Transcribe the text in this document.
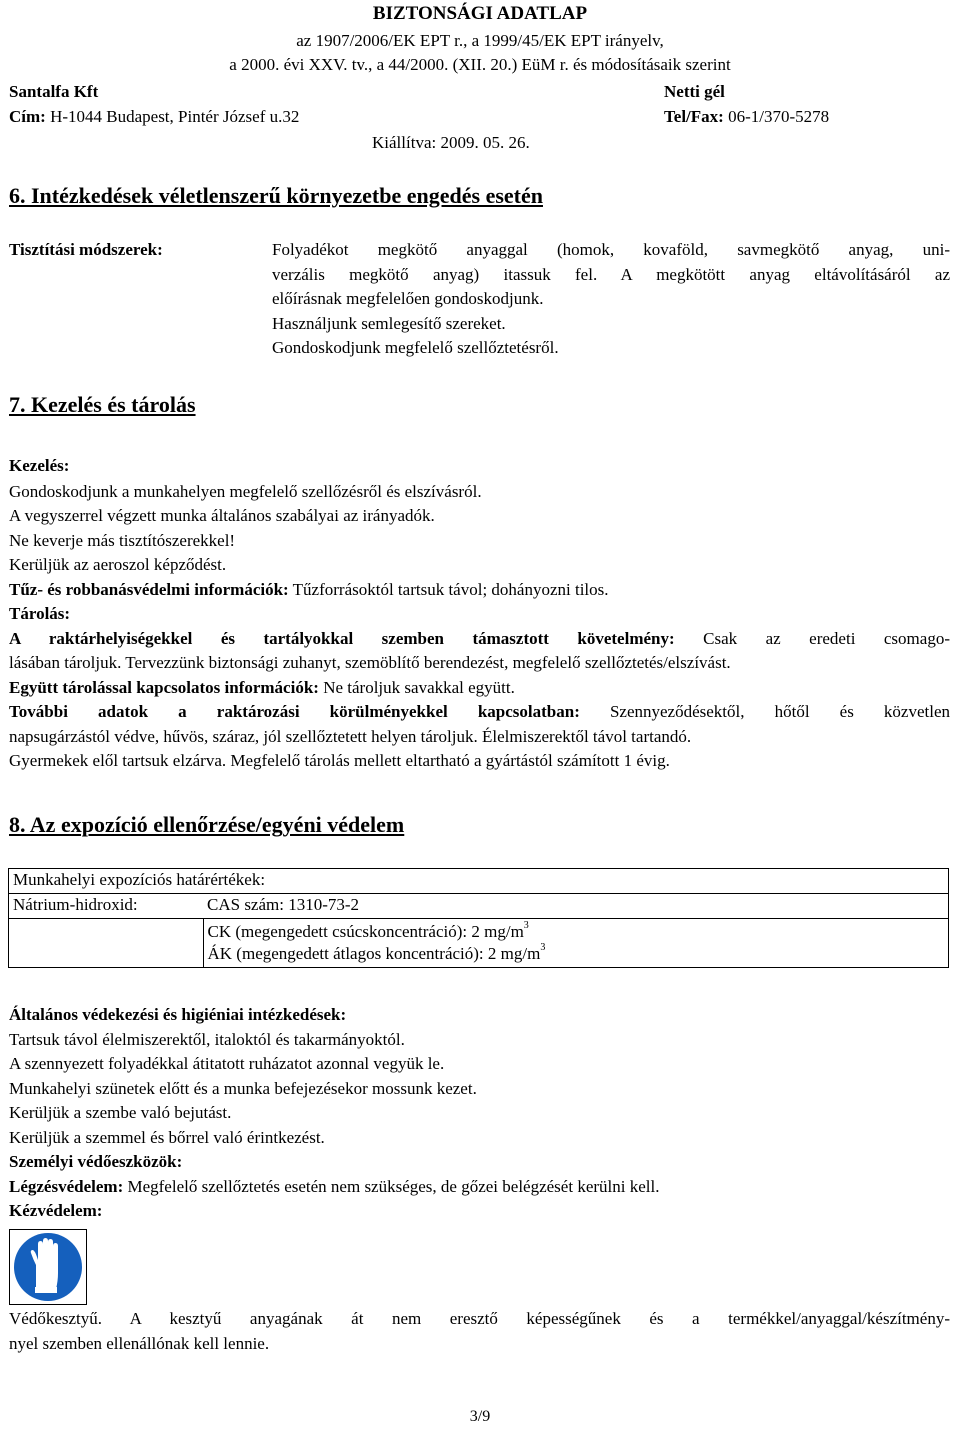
BIZTONSÁGI ADATLAP
az 1907/2006/EK EPT r., a 1999/45/EK EPT irányelv,
a 2000. évi XXV. tv., a 44/2000. (XII. 20.) EüM r. és módosításaik szerint
Santalfa Kft	Netti gél
Cím: H-1044 Budapest, Pintér József u.32	Tel/Fax: 06-1/370-5278
Kiállítva: 2009. 05. 26.
6. Intézkedések véletlenszerű környezetbe engedés esetén
Tisztítási módszerek:	Folyadékot megkötő anyaggal (homok, kovaföld, savmegkötő anyag, uni-
verzális megkötő anyag) itassuk fel. A megkötött anyag eltávolításáról az
előírásnak megfelelően gondoskodjunk.
Használjunk semlegesítő szereket.
Gondoskodjunk megfelelő szellőztetésről.
7. Kezelés és tárolás
Kezelés:
Gondoskodjunk a munkahelyen megfelelő szellőzésről és elszívásról.
A vegyszerrel végzett munka általános szabályai az irányadók.
Ne keverje más tisztítószerekkel!
Kerüljük az aeroszol képződést.
Tűz- és robbanásvédelmi információk: Tűzforrásoktól tartsuk távol; dohányozni tilos.
Tárolás:
A raktárhelyiségekkel és tartályokkal szemben támasztott követelmény: Csak az eredeti csomago-
lásában tároljuk. Tervezzünk biztonsági zuhanyt, szemöblítő berendezést, megfelelő szellőztetés/elszívást.
Együtt tárolással kapcsolatos információk: Ne tároljuk savakkal együtt.
További adatok a raktározási körülményekkel kapcsolatban: Szennyeződésektől, hőtől és közvetlen
napsugárzástól védve, hűvös, száraz, jól szellőztetett helyen tároljuk. Élelmiszerektől távol tartandó.
Gyermekek elől tartsuk elzárva. Megfelelő tárolás mellett eltartható a gyártástól számított 1 évig.
8. Az expozíció ellenőrzése/egyéni védelem
Munkahelyi expozíciós határértékek:	
Nátrium-hidroxid:	CAS szám: 1310-73-2

	CK (megengedett csúcskoncentráció): 2 $mg/m^3$
ÁK (megengedett átlagos koncentráció): 2 $mg/m^3$
Általános védekezési és higiéniai intézkedések:
Tartsuk távol élelmiszerektől, italoktól és takarmányoktól.
A szennyezett folyadékkal átitatott ruházatot azonnal vegyük le.
Munkahelyi szünetek előtt és a munka befejezésekor mossunk kezet.
Kerüljük a szembe való bejutást.
Kerüljük a szemmel és bőrrel való érintkezést.
Személyi védőeszközök:
Légzésvédelem: Megfelelő szellőztetés esetén nem szükséges, de gőzei belégzését kerülni kell.
Kézvédelem:
Védőkesztyű. A kesztyű anyagának át nem eresztő képességűnek és a termékkel/anyaggal/készítmény-
nyel szemben ellenállónak kell lennie.
3/9
